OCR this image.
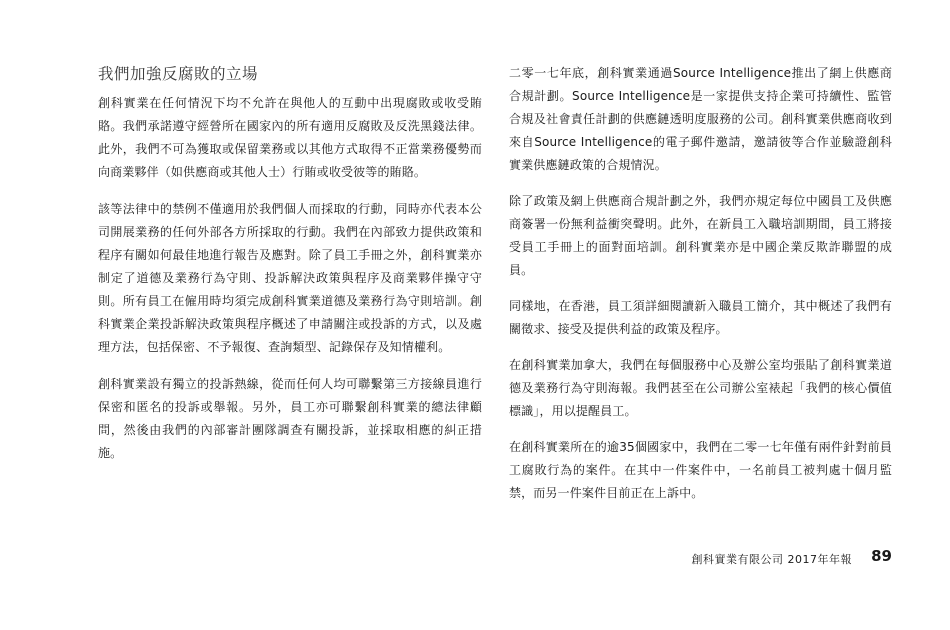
我們加強反腐敗的立場

創科實業在任何情況下均不允許在與他人的互動中出現腐敗或收受賄賂。我們承諾遵守經營所在國家內的所有適用反腐敗及反洗黑錢法律。此外，我們不可為獲取或保留業務或以其他方式取得不正當業務優勢而向商業夥伴（如供應商或其他人士）行賄或收受彼等的賄賂。

該等法律中的禁例不僅適用於我們個人而採取的行動，同時亦代表本公司開展業務的任何外部各方所採取的行動。我們在內部致力提供政策和程序有關如何最佳地進行報告及應對。除了員工手冊之外，創科實業亦制定了道德及業務行為守則、投訴解決政策與程序及商業夥伴操守守則。所有員工在僱用時均須完成創科實業道德及業務行為守則培訓。創科實業企業投訴解決政策與程序概述了申請關注或投訴的方式，以及處理方法，包括保密、不予報復、查詢類型、記錄保存及知情權利。

創科實業設有獨立的投訴熱線，從而任何人均可聯繫第三方接線員進行保密和匿名的投訴或舉報。另外，員工亦可聯繫創科實業的總法律顧問，然後由我們的內部審計團隊調查有關投訴，並採取相應的糾正措施。

二零一七年底，創科實業通過Source Intelligence推出了網上供應商合規計劃。Source Intelligence是一家提供支持企業可持續性、監管合規及社會責任計劃的供應鏈透明度服務的公司。創科實業供應商收到來自Source Intelligence的電子郵件邀請，邀請彼等合作並驗證創科實業供應鏈政策的合規情況。

除了政策及網上供應商合規計劃之外，我們亦規定每位中國員工及供應商簽署一份無利益衝突聲明。此外，在新員工入職培訓期間，員工將接受員工手冊上的面對面培訓。創科實業亦是中國企業反欺詐聯盟的成員。

同樣地，在香港，員工須詳細閱讀新入職員工簡介，其中概述了我們有關徵求、接受及提供利益的政策及程序。

在創科實業加拿大，我們在每個服務中心及辦公室均張貼了創科實業道德及業務行為守則海報。我們甚至在公司辦公室裱起「我們的核心價值標識」，用以提醒員工。

在創科實業所在的逾35個國家中，我們在二零一七年僅有兩件針對前員工腐敗行為的案件。在其中一件案件中，一名前員工被判處十個月監禁，而另一件案件目前正在上訴中。

創科實業有限公司 2017年年報 89
